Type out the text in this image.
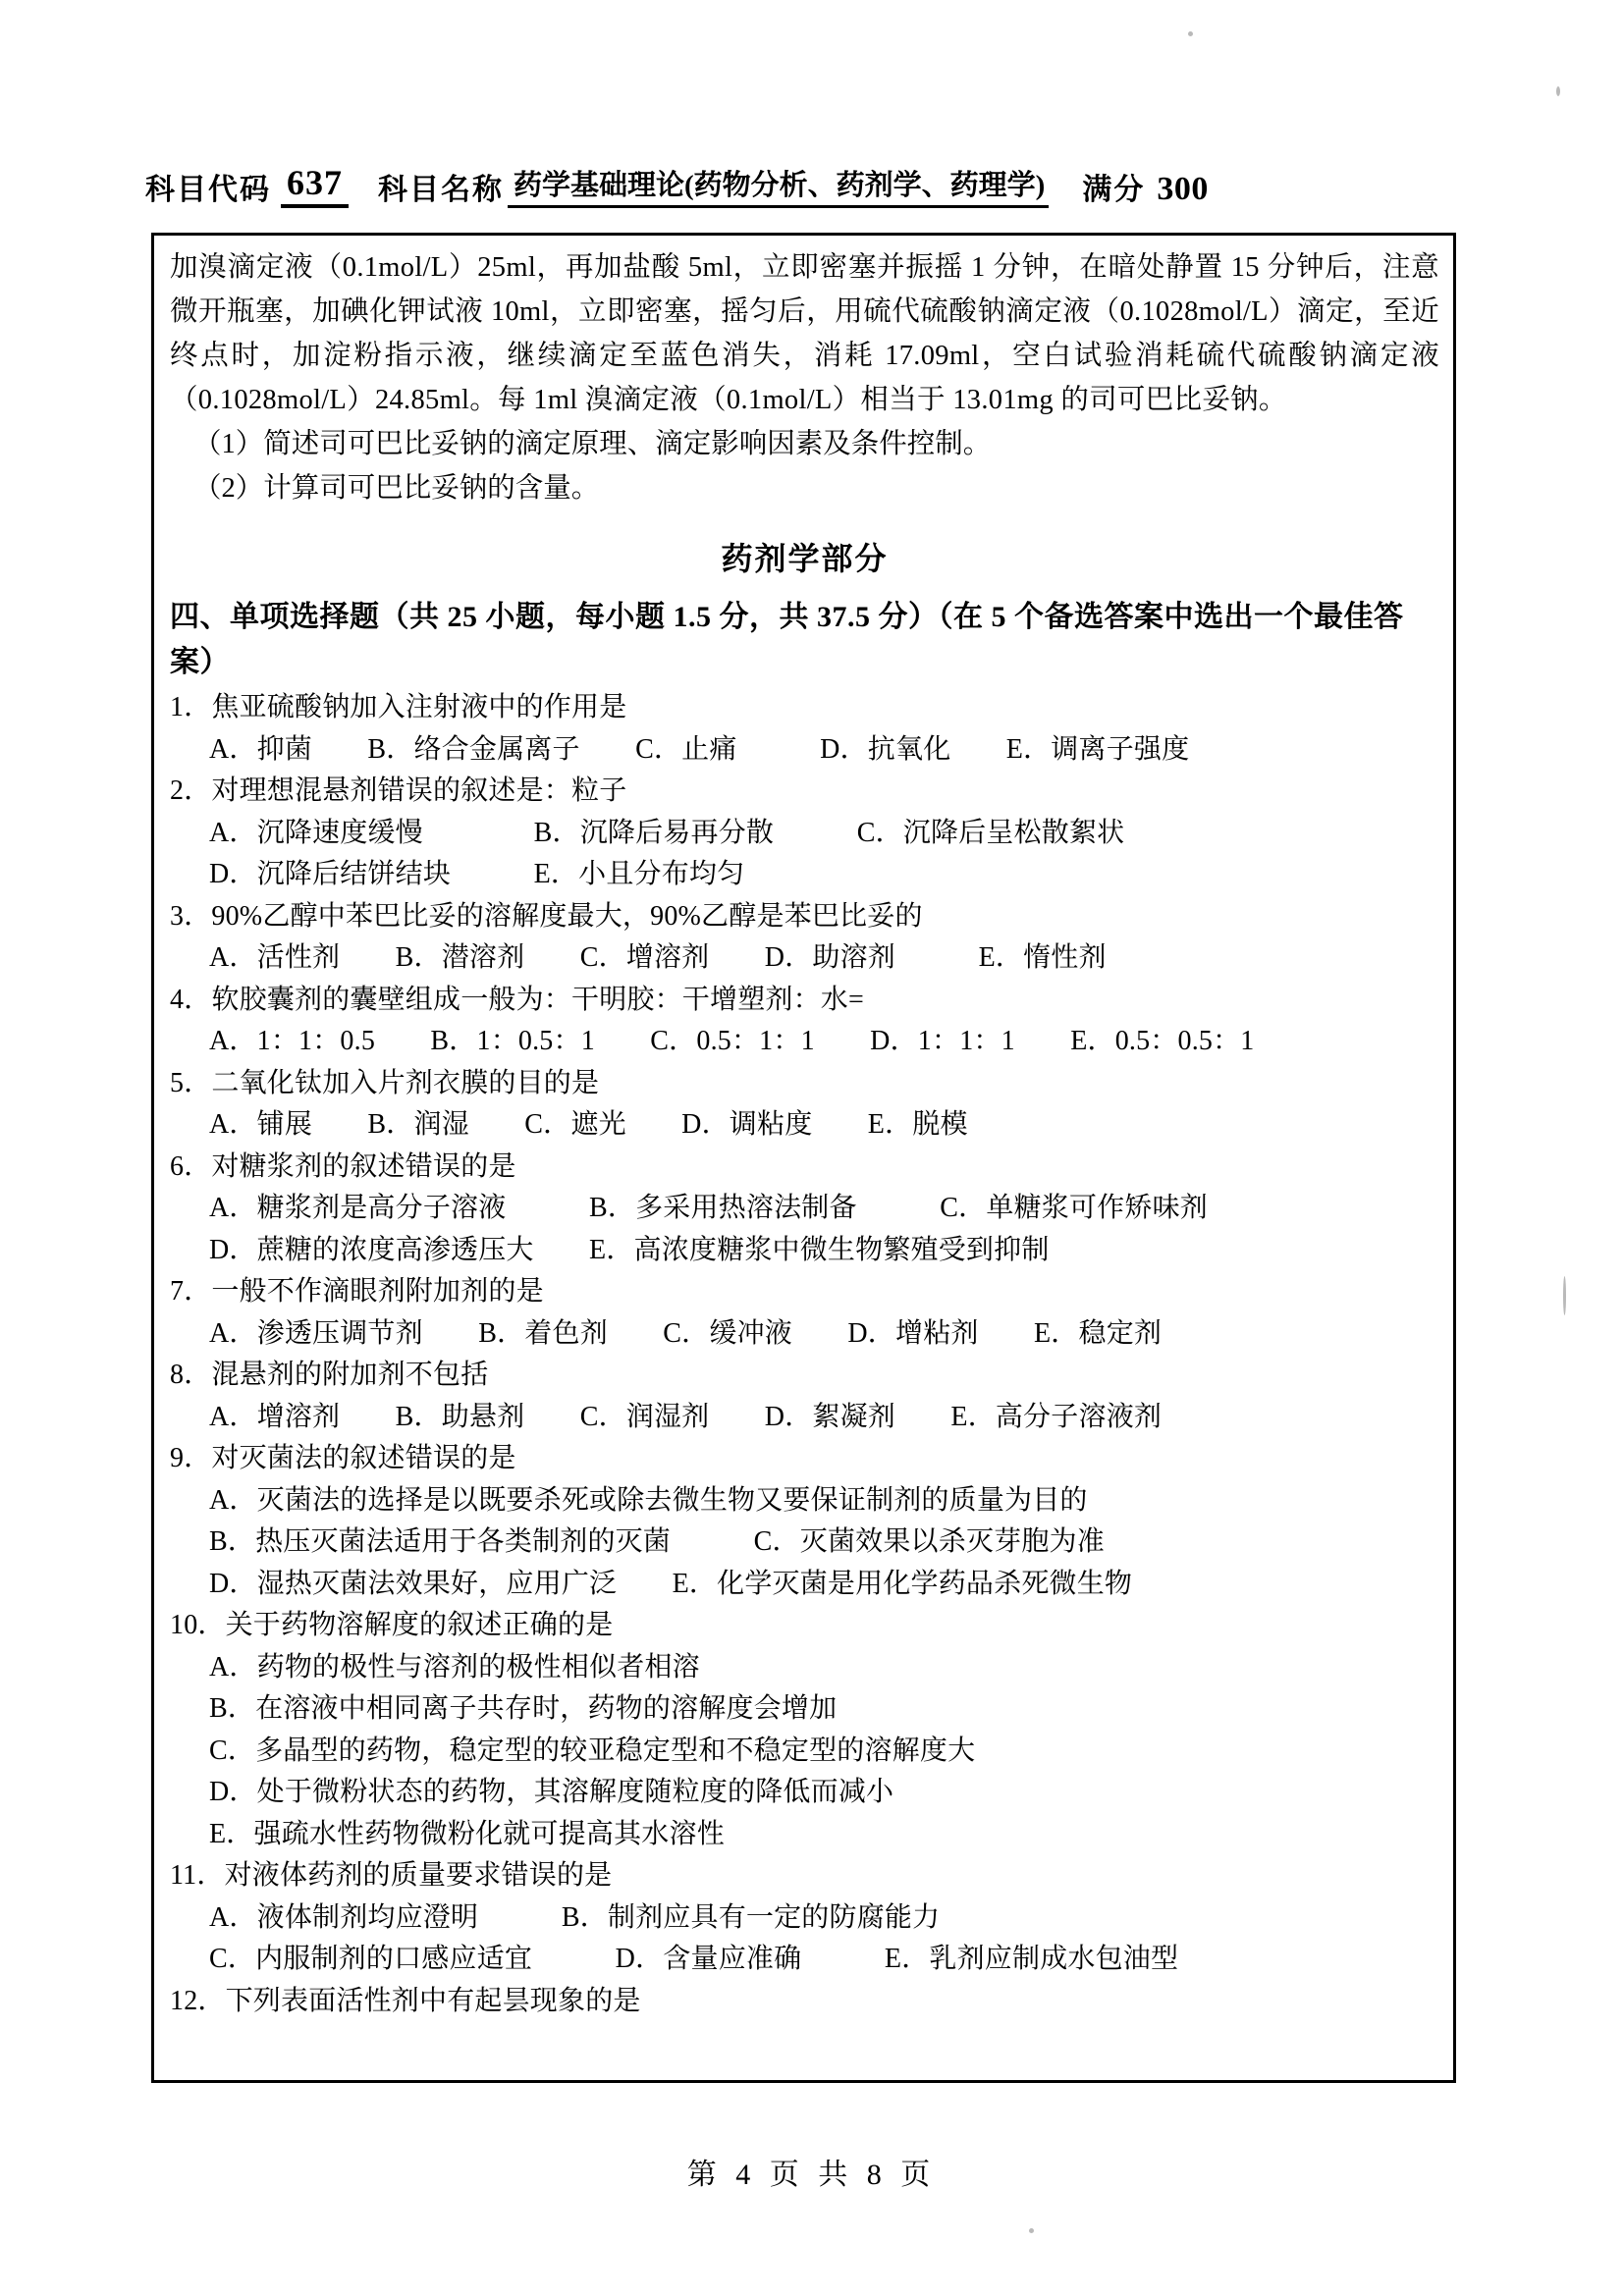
科目代码 637 科目名称 药学基础理论(药物分析、药剂学、药理学) 满分 300
加溴滴定液（0.1mol/L）25ml，再加盐酸 5ml，立即密塞并振摇 1 分钟，在暗处静置 15 分钟后，注意微开瓶塞，加碘化钾试液 10ml，立即密塞，摇匀后，用硫代硫酸钠滴定液（0.1028mol/L）滴定，至近终点时，加淀粉指示液，继续滴定至蓝色消失，消耗 17.09ml，空白试验消耗硫代硫酸钠滴定液（0.1028mol/L）24.85ml。每 1ml 溴滴定液（0.1mol/L）相当于 13.01mg 的司可巴比妥钠。
（1）简述司可巴比妥钠的滴定原理、滴定影响因素及条件控制。
（2）计算司可巴比妥钠的含量。
药剂学部分
四、单项选择题（共 25 小题，每小题 1.5 分，共 37.5 分）（在 5 个备选答案中选出一个最佳答案）
1．焦亚硫酸钠加入注射液中的作用是
A．抑菌　　B．络合金属离子　　C．止痛　　　D．抗氧化　　E．调离子强度
2．对理想混悬剂错误的叙述是：粒子
A．沉降速度缓慢　　　　B．沉降后易再分散　　　C．沉降后呈松散絮状
D．沉降后结饼结块　　　E．小且分布均匀
3．90%乙醇中苯巴比妥的溶解度最大，90%乙醇是苯巴比妥的
A．活性剂　　B．潜溶剂　　C．增溶剂　　D．助溶剂　　　E．惰性剂
4．软胶囊剂的囊壁组成一般为：干明胶：干增塑剂：水=
A．1：1：0.5　　B．1：0.5：1　　C．0.5：1：1　　D．1：1：1　　E．0.5：0.5：1
5．二氧化钛加入片剂衣膜的目的是
A．铺展　　B．润湿　　C．遮光　　D．调粘度　　E．脱模
6．对糖浆剂的叙述错误的是
A．糖浆剂是高分子溶液　　　B．多采用热溶法制备　　　C．单糖浆可作矫味剂
D．蔗糖的浓度高渗透压大　　E．高浓度糖浆中微生物繁殖受到抑制
7．一般不作滴眼剂附加剂的是
A．渗透压调节剂　　B．着色剂　　C．缓冲液　　D．增粘剂　　E．稳定剂
8．混悬剂的附加剂不包括
A．增溶剂　　B．助悬剂　　C．润湿剂　　D．絮凝剂　　E．高分子溶液剂
9．对灭菌法的叙述错误的是
A．灭菌法的选择是以既要杀死或除去微生物又要保证制剂的质量为目的
B．热压灭菌法适用于各类制剂的灭菌　　　C．灭菌效果以杀灭芽胞为准
D．湿热灭菌法效果好，应用广泛　　E．化学灭菌是用化学药品杀死微生物
10．关于药物溶解度的叙述正确的是
A．药物的极性与溶剂的极性相似者相溶
B．在溶液中相同离子共存时，药物的溶解度会增加
C．多晶型的药物，稳定型的较亚稳定型和不稳定型的溶解度大
D．处于微粉状态的药物，其溶解度随粒度的降低而减小
E．强疏水性药物微粉化就可提高其水溶性
11．对液体药剂的质量要求错误的是
A．液体制剂均应澄明　　　B．制剂应具有一定的防腐能力
C．内服制剂的口感应适宜　　　D．含量应准确　　　E．乳剂应制成水包油型
12．下列表面活性剂中有起昙现象的是
第 4 页 共 8 页
